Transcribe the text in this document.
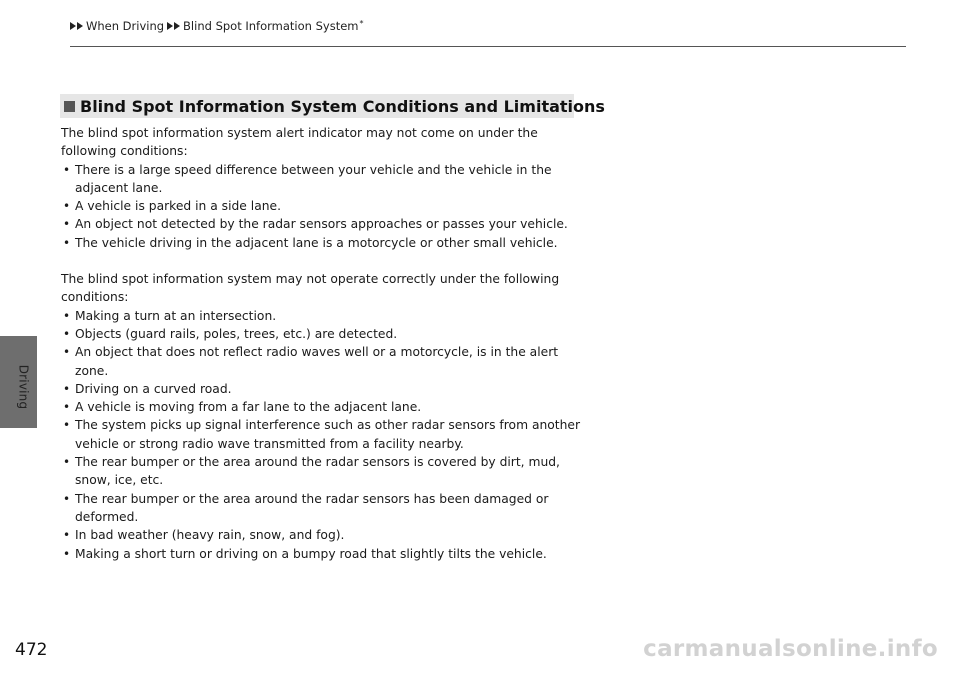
When Driving Blind Spot Information System *
Driving
Blind Spot Information System Conditions and Limitations

The blind spot information system alert indicator may not come on under the following conditions:

• There is a large speed difference between your vehicle and the vehicle in the adjacent lane.
• A vehicle is parked in a side lane.
• An object not detected by the radar sensors approaches or passes your vehicle.
• The vehicle driving in the adjacent lane is a motorcycle or other small vehicle.

The blind spot information system may not operate correctly under the following conditions:

• Making a turn at an intersection.
• Objects (guard rails, poles, trees, etc.) are detected.
• An object that does not reflect radio waves well or a motorcycle, is in the alert zone.
• Driving on a curved road.
• A vehicle is moving from a far lane to the adjacent lane.
• The system picks up signal interference such as other radar sensors from another vehicle or strong radio wave transmitted from a facility nearby.
• The rear bumper or the area around the radar sensors is covered by dirt, mud, snow, ice, etc.
• The rear bumper or the area around the radar sensors has been damaged or deformed.
• In bad weather (heavy rain, snow, and fog).
• Making a short turn or driving on a bumpy road that slightly tilts the vehicle.
472	carmanualsonline.info
